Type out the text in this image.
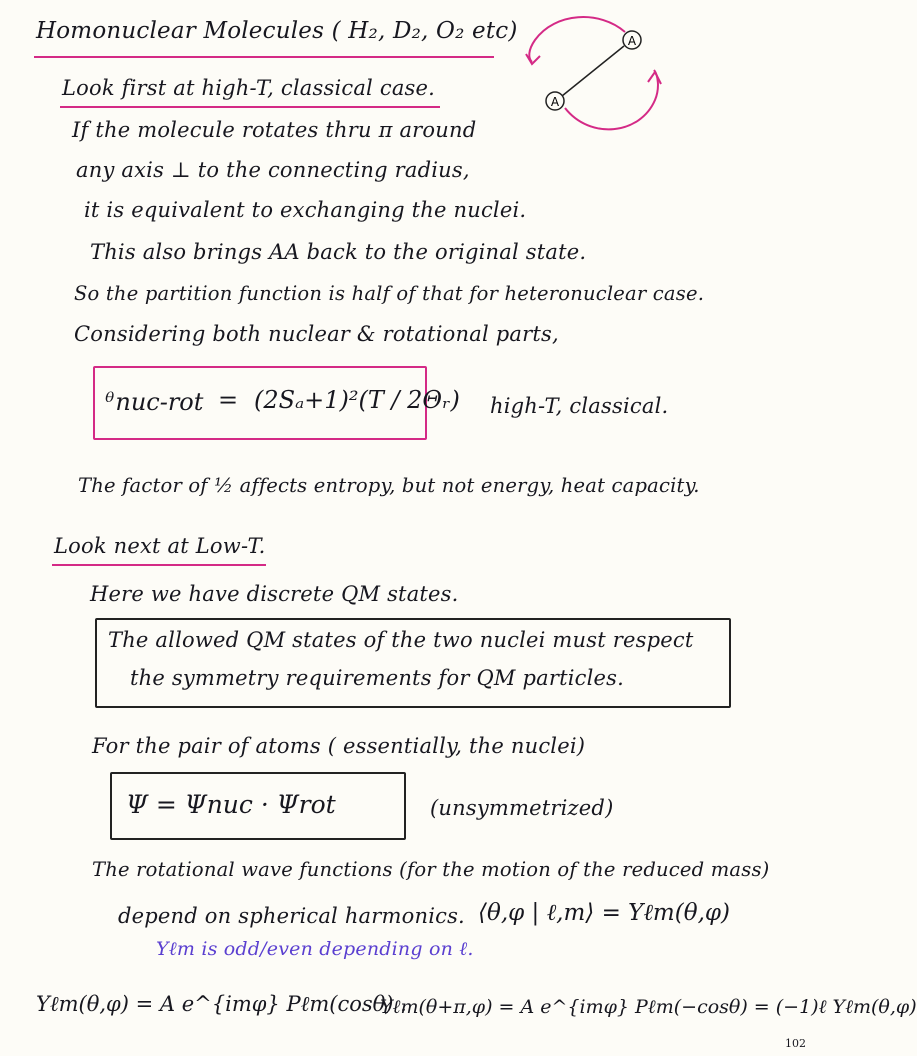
Homonuclear Molecules ( H₂, D₂, O₂ etc)	A
A
Look first at high-T, classical case.
If the molecule rotates thru π around
any axis ⊥ to the connecting radius,
it is equivalent to exchanging the nuclei.
This also brings AA back to the original state.
So the partition function is half of that for heteronuclear case.
Considering both nuclear & rotational parts,
ᶿnuc-rot = (2Sₐ+1)²(T / 2Θᵣ) high-T, classical.
The factor of ½ affects entropy, but not energy, heat capacity.
Look next at Low-T.
Here we have discrete QM states.
The allowed QM states of the two nuclei must respect
the symmetry requirements for QM particles.
For the pair of atoms ( essentially, the nuclei)
Ψ = Ψnuc · Ψrot	(unsymmetrized)
The rotational wave functions (for the motion of the reduced mass)
depend on spherical harmonics. ⟨θ,φ | ℓ,m⟩ = Yℓm(θ,φ)
Yℓm is odd/even depending on ℓ.
Yℓm(θ,φ) = A e^{imφ} Pℓm(cosθ) .
Yℓm(θ+π,φ) = A e^{imφ} Pℓm(−cosθ) = (−1)ℓ Yℓm(θ,φ)
102
